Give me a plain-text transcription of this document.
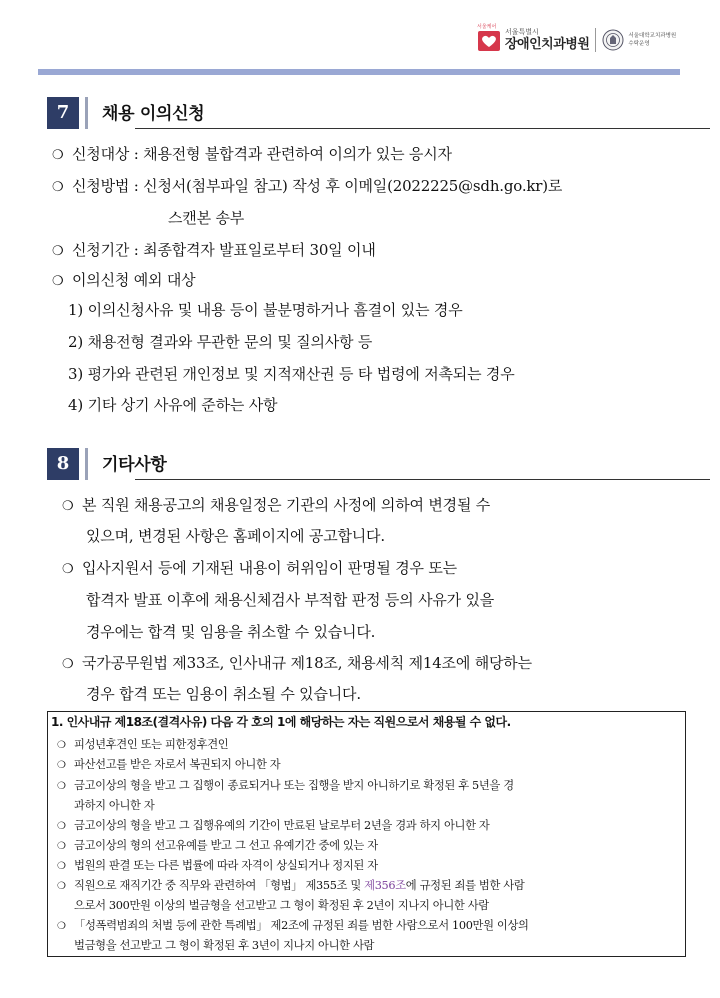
서울케어
서울특별시
장애인치과병원
서울대학교치과병원
수탁운영
7	채용 이의신청
❍ 신청대상 : 채용전형 불합격과 관련하여 이의가 있는 응시자
❍ 신청방법 : 신청서(첨부파일 참고) 작성 후 이메일(2022225@sdh.go.kr)로
스캔본 송부
❍ 신청기간 : 최종합격자 발표일로부터 30일 이내
❍ 이의신청 예외 대상
1) 이의신청사유 및 내용 등이 불분명하거나 흠결이 있는 경우
2) 채용전형 결과와 무관한 문의 및 질의사항 등
3) 평가와 관련된 개인정보 및 지적재산권 등 타 법령에 저촉되는 경우
4) 기타 상기 사유에 준하는 사항
8	기타사항
❍ 본 직원 채용공고의 채용일정은 기관의 사정에 의하여 변경될 수
있으며, 변경된 사항은 홈페이지에 공고합니다.
❍ 입사지원서 등에 기재된 내용이 허위임이 판명될 경우 또는
합격자 발표 이후에 채용신체검사 부적합 판정 등의 사유가 있을
경우에는 합격 및 임용을 취소할 수 있습니다.
❍ 국가공무원법 제33조, 인사내규 제18조, 채용세칙 제14조에 해당하는
경우 합격 또는 임용이 취소될 수 있습니다.
1. 인사내규 제18조(결격사유) 다음 각 호의 1에 해당하는 자는 직원으로서 채용될 수 없다.
❍ 피성년후견인 또는 피한정후견인
❍ 파산선고를 받은 자로서 복권되지 아니한 자
❍ 금고이상의 형을 받고 그 집행이 종료되거나 또는 집행을 받지 아니하기로 확정된 후 5년을 경
과하지 아니한 자
❍ 금고이상의 형을 받고 그 집행유예의 기간이 만료된 날로부터 2년을 경과 하지 아니한 자
❍ 금고이상의 형의 선고유예를 받고 그 선고 유예기간 중에 있는 자
❍ 법원의 판결 또는 다른 법률에 따라 자격이 상실되거나 정지된 자
❍ 직원으로 재직기간 중 직무와 관련하여 「형법」 제355조 및 제356조에 규정된 죄를 범한 사람
으로서 300만원 이상의 벌금형을 선고받고 그 형이 확정된 후 2년이 지나지 아니한 사람
❍ 「성폭력범죄의 처벌 등에 관한 특례법」 제2조에 규정된 죄를 범한 사람으로서 100만원 이상의
벌금형을 선고받고 그 형이 확정된 후 3년이 지나지 아니한 사람
